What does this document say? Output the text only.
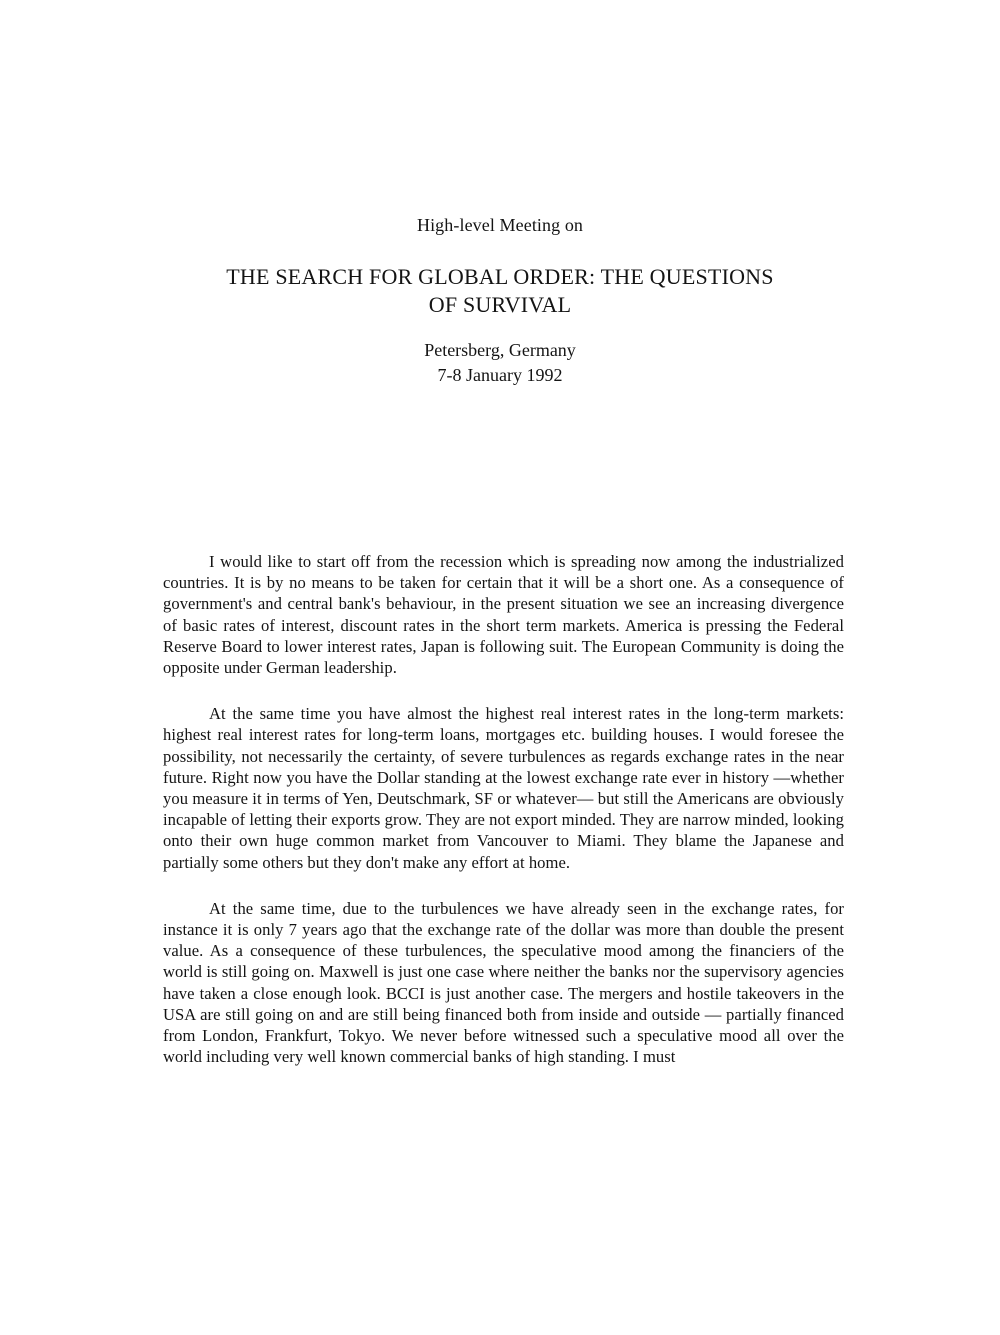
High-level Meeting on
THE SEARCH FOR GLOBAL ORDER: THE QUESTIONS
OF SURVIVAL
Petersberg, Germany
7-8 January 1992

I would like to start off from the recession which is spreading now among the industrialized countries. It is by no means to be taken for certain that it will be a short one. As a consequence of government's and central bank's behaviour, in the present situation we see an increasing divergence of basic rates of interest, discount rates in the short term markets. America is pressing the Federal Reserve Board to lower interest rates, Japan is following suit. The European Community is doing the opposite under German leadership.

At the same time you have almost the highest real interest rates in the long-term markets: highest real interest rates for long-term loans, mortgages etc. building houses. I would foresee the possibility, not necessarily the certainty, of severe turbulences as regards exchange rates in the near future. Right now you have the Dollar standing at the lowest exchange rate ever in history —whether you measure it in terms of Yen, Deutschmark, SF or whatever— but still the Americans are obviously incapable of letting their exports grow. They are not export minded. They are narrow minded, looking onto their own huge common market from Vancouver to Miami. They blame the Japanese and partially some others but they don't make any effort at home.

At the same time, due to the turbulences we have already seen in the exchange rates, for instance it is only 7 years ago that the exchange rate of the dollar was more than double the present value. As a consequence of these turbulences, the speculative mood among the financiers of the world is still going on. Maxwell is just one case where neither the banks nor the supervisory agencies have taken a close enough look. BCCI is just another case. The mergers and hostile takeovers in the USA are still going on and are still being financed both from inside and outside — partially financed from London, Frankfurt, Tokyo. We never before witnessed such a speculative mood all over the world including very well known commercial banks of high standing. I must
